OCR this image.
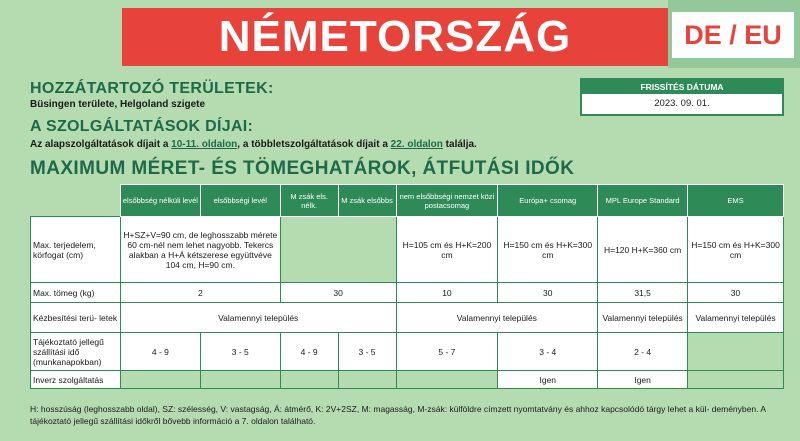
NÉMETORSZÁG	DE / EU
HOZZÁTARTOZÓ TERÜLETEK:
Büsingen területe, Helgoland szigete
FRISSÍTÉS DÁTUMA
2023. 09. 01.
A SZOLGÁLTATÁSOK DÍJAI:
Az alapszolgáltatások díjait a 10-11. oldalon, a többletszolgáltatások díjait a 22. oldalon találja.
MAXIMUM MÉRET- ÉS TÖMEGHATÁROK, ÁTFUTÁSI IDŐK
	elsőbbség nélküli levél	elsőbbségi levél	M zsák els. nélk.	M zsák elsőbbs	nem elsőbbségi nemzet közi postacsomag	Európa+ csomag	MPL Europe Standard	EMS
Max. terjedelem, körfogat (cm)	H+SZ+V=90 cm, de leghosszabb mérete 60 cm-nél nem lehet nagyobb. Tekercs alakban a H+Á kétszerese együttvéve 104 cm, H=90 cm.				H=105 cm és H+K=200 cm	H=150 cm és H+K=300 cm	H=120 H+K=360 cm	H=150 cm és H+K=300 cm
Max. tömeg (kg)	2		30		10	30	31,5	30
Kézbesítési terü- letek	Valamennyi település				Valamennyi település		Valamennyi település	Valamennyi település
Tájékoztató jellegű szállítási idő (munkanapokban)	4 - 9	3 - 5	4 - 9	3 - 5	5 - 7	3 - 4	2 - 4	
Inverz szolgáltatás						Igen	Igen	
H: hosszúság (leghosszabb oldal), SZ: szélesség, V: vastagság, Á: átmérő, K: 2V+2SZ, M: magasság, M-zsák: külföldre címzett nyomtatvány és ahhoz kapcsolódó tárgy lehet a kül- deményben. A tájékoztató jellegű szállítási időkről bővebb információ a 7. oldalon található.
